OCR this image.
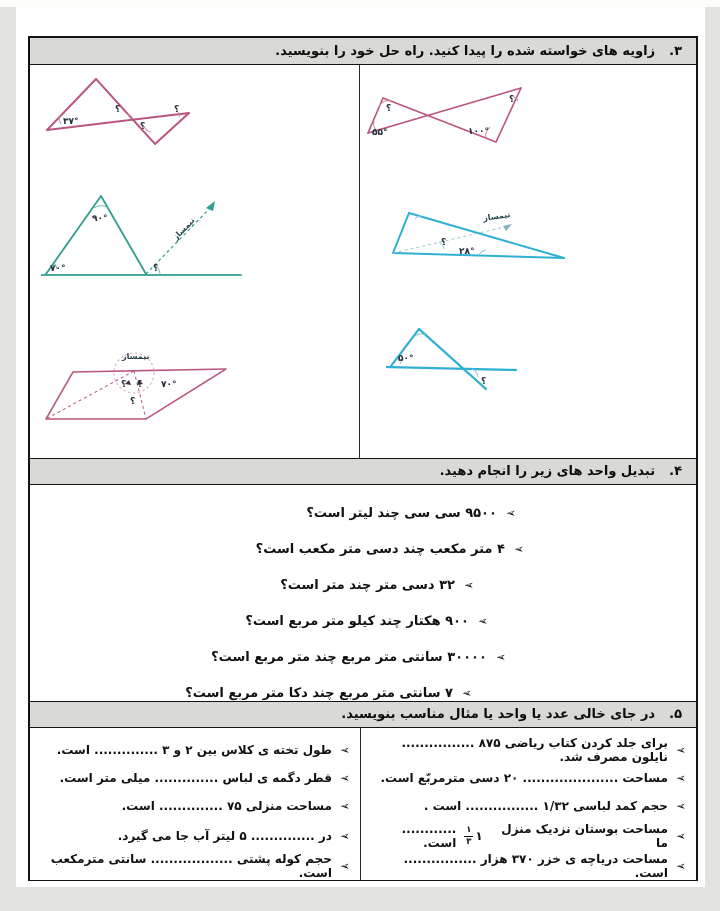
۳.
زاویه های خواسته شده را پیدا کنید. راه حل خود را بنویسید.
۳۷°
؟
؟
؟	؟
۵۵°	۱۰۰°
؟
۹۰°
۷۰°	؟
نیمساز
؟
۲۸°
نیمساز
؟ ؟ ۷۰°
؟
نیمساز	۵۰°
؟
۴.
تبدیل واحد های زیر را انجام دهید.
➢
۹۵۰۰ سی سی چند لیتر است؟
➢
۴ متر مکعب چند دسی متر مکعب است؟
➢
۳۲ دسی متر چند متر است؟
➢
۹۰۰ هکتار چند کیلو متر مربع است؟
➢
۳۰۰۰۰ سانتی متر مربع چند متر مربع است؟
➢
۷ سانتی متر مربع چند دکا متر مربع است؟
۵.
در جای خالی عدد یا واحد یا مثال مناسب بنویسید.
➢
برای جلد کردن کتاب ریاضی ۸۷۵ ................ نایلون مصرف شد.
➢
مساحت ..................... ۲۰ دسی مترمربّع است.
➢
حجم کمد لباسی ۱/۳۲ ................ است .
➢
مساحت بوستان نزدیک منزل ما
۱
$\frac{۱}{۳}$
............ است.
➢
مساحت دریاچه ی خزر ۳۷۰ هزار ................ است.
➢
طول تخته ی کلاس بین ۲ و ۳ .............. است.
➢
قطر دگمه ی لباس .............. میلی متر است.
➢
مساحت منزلی ۷۵ .............. است.
➢
در .............. ۵ لیتر آب جا می گیرد.
➢
حجم کوله پشتی .................. سانتی مترمکعب است.
